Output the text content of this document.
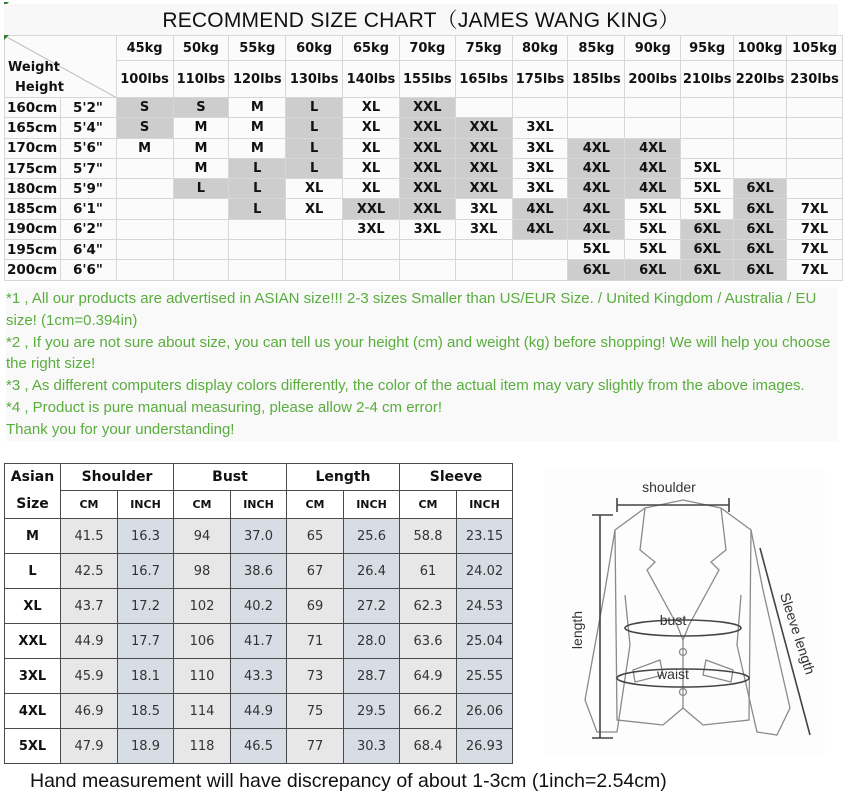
RECOMMEND SIZE CHART（JAMES WANG KING）
Weight
Height		45kg	50kg	55kg	60kg	65kg	70kg	75kg	80kg	85kg	90kg	95kg	100kg	105kg
		100lbs	110lbs	120lbs	130lbs	140lbs	155lbs	165lbs	175lbs	185lbs	200lbs	210lbs	220lbs	230lbs
160cm	5'2"	S	S	M	L	XL	XXL							
165cm	5'4"	S	M	M	L	XL	XXL	XXL	3XL					
170cm	5'6"	M	M	M	L	XL	XXL	XXL	3XL	4XL	4XL			
175cm	5'7"		M	L	L	XL	XXL	XXL	3XL	4XL	4XL	5XL		
180cm	5'9"		L	L	XL	XL	XXL	XXL	3XL	4XL	4XL	5XL	6XL	
185cm	6'1"			L	XL	XXL	XXL	3XL	4XL	4XL	5XL	5XL	6XL	7XL
190cm	6'2"					3XL	3XL	3XL	4XL	4XL	5XL	6XL	6XL	7XL
195cm	6'4"									5XL	5XL	6XL	6XL	7XL
200cm	6'6"									6XL	6XL	6XL	6XL	7XL

*1 , All our products are advertised in ASIAN size!!! 2-3 sizes Smaller than US/EUR Size. / United Kingdom / Australia / EU size! (1cm=0.394in)

*2 , If you are not sure about size, you can tell us your height (cm) and weight (kg) before shopping! We will help you choose the right size!

*3 , As different computers display colors differently, the color of the actual item may vary slightly from the above images.

*4 , Product is pure manual measuring, please allow 2-4 cm error!

Thank you for your understanding!

Asian
Size	Shoulder		Bust		Length		Sleeve	
	CM	INCH	CM	INCH	CM	INCH	CM	INCH
M	41.5	16.3	94	37.0	65	25.6	58.8	23.15
L	42.5	16.7	98	38.6	67	26.4	61	24.02
XL	43.7	17.2	102	40.2	69	27.2	62.3	24.53
XXL	44.9	17.7	106	41.7	71	28.0	63.6	25.04
3XL	45.9	18.1	110	43.3	73	28.7	64.9	25.55
4XL	46.9	18.5	114	44.9	75	29.5	66.2	26.06
5XL	47.9	18.9	118	46.5	77	30.3	68.4	26.93
shoulder
length	bust
waist	Sleeve length
Hand measurement will have discrepancy of about 1-3cm (1inch=2.54cm)
